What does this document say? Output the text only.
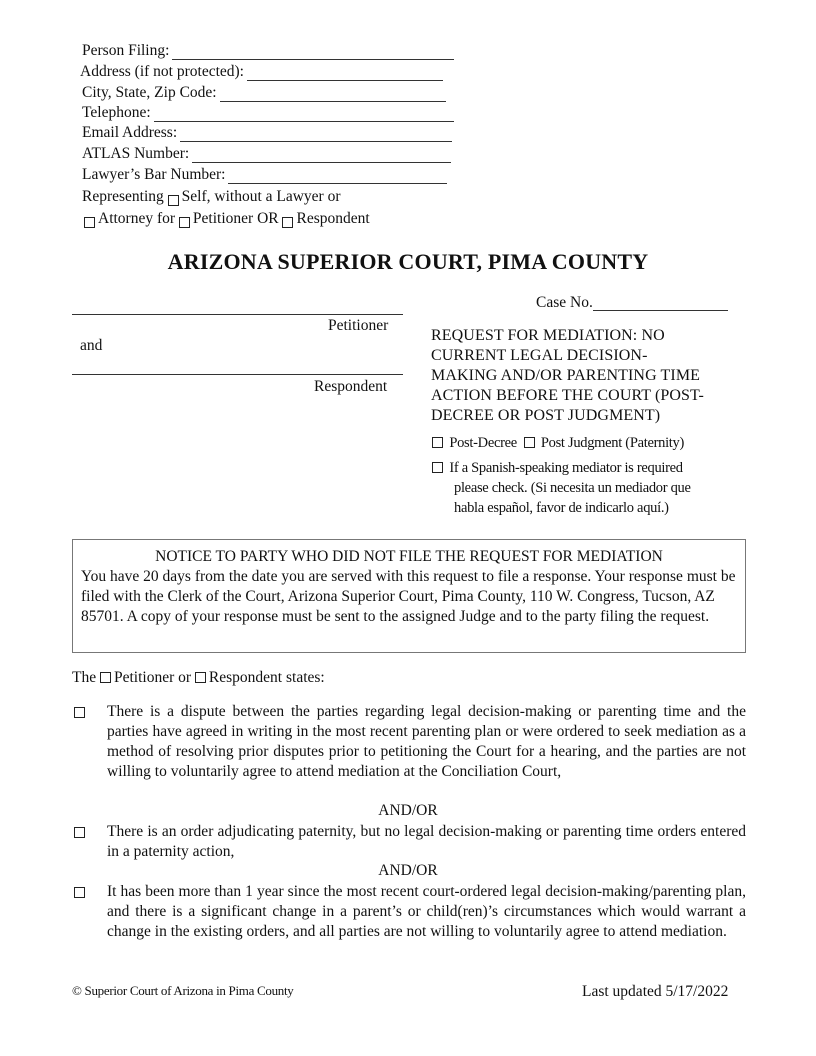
Person Filing:
Address (if not protected):
City, State, Zip Code:
Telephone:
Email Address:
ATLAS Number:
Lawyer’s Bar Number:
Representing
Self, without a Lawyer or
Attorney for
Petitioner OR
Respondent
ARIZONA SUPERIOR COURT, PIMA COUNTY
Petitioner
and
Respondent
Case No.
REQUEST FOR MEDIATION: NO
CURRENT LEGAL DECISION-
MAKING AND/OR PARENTING TIME
ACTION BEFORE THE COURT (POST-
DECREE OR POST JUDGMENT)
Post-Decree Post Judgment (Paternity)
If a Spanish-speaking mediator is required
please check. (Si necesita un mediador que
habla español, favor de indicarlo aquí.)
NOTICE TO PARTY WHO DID NOT FILE THE REQUEST FOR MEDIATION
You have 20 days from the date you are served with this request to file a response. Your response must be filed with the Clerk of the Court, Arizona Superior Court, Pima County, 110 W. Congress, Tucson, AZ 85701. A copy of your response must be sent to the assigned Judge and to the party filing the request.
The Petitioner or Respondent states:
There is a dispute between the parties regarding legal decision-making or parenting time and the parties have agreed in writing in the most recent parenting plan or were ordered to seek mediation as a method of resolving prior disputes prior to petitioning the Court for a hearing, and the parties are not willing to voluntarily agree to attend mediation at the Conciliation Court,
AND/OR
There is an order adjudicating paternity, but no legal decision-making or parenting time orders entered in a paternity action,
AND/OR
It has been more than 1 year since the most recent court-ordered legal decision-making/parenting plan, and there is a significant change in a parent’s or child(ren)’s circumstances which would warrant a change in the existing orders, and all parties are not willing to voluntarily agree to attend mediation.
© Superior Court of Arizona in Pima County	Last updated 5/17/2022
